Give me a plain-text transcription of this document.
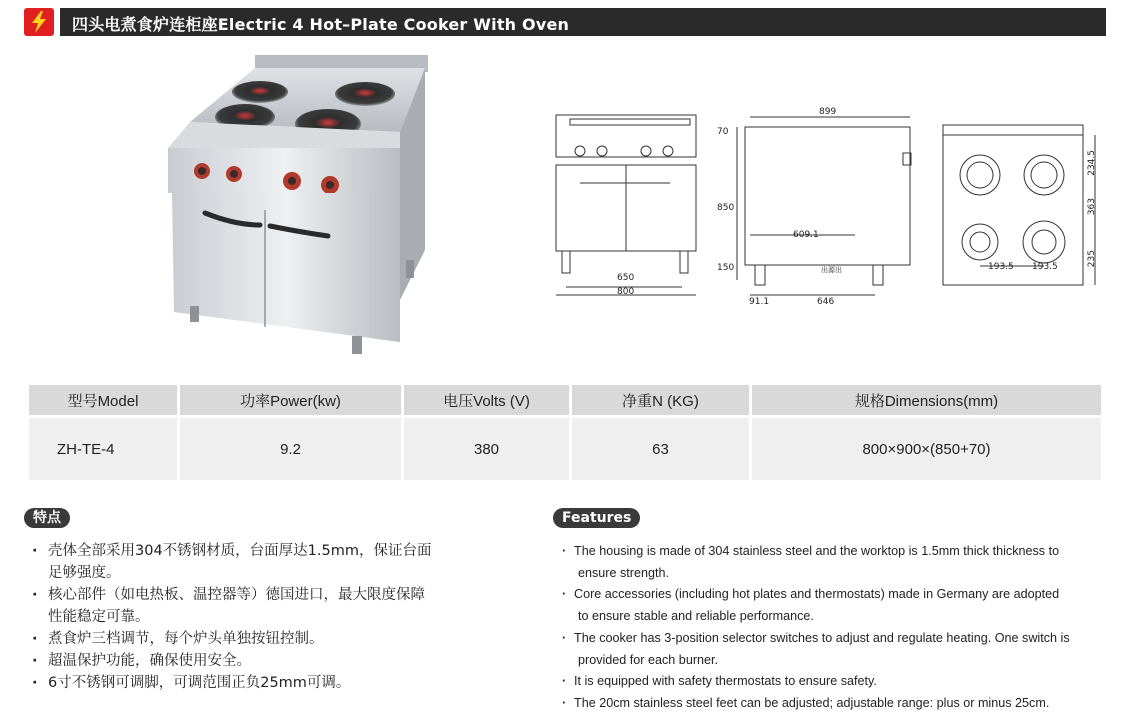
四头电煮食炉连柜座Electric 4 Hot–Plate Cooker With Oven
650
800
899
70
850
150
609.1
出源出
91.1	646
234.5
363
235
193.5 193.5
型号Model	功率Power(kw)	电压Volts (V)	净重N (KG)	规格Dimensions(mm)
ZH-TE-4	9.2	380	63	800×900×(850+70)
特点
· 壳体全部采用304不锈钢材质，台面厚达1.5mm，保证台面
足够强度。
· 核心部件（如电热板、温控器等）德国进口，最大限度保障
性能稳定可靠。
· 煮食炉三档调节，每个炉头单独按钮控制。
· 超温保护功能，确保使用安全。
· 6寸不锈钢可调脚，可调范围正负25mm可调。
Features
· The housing is made of 304 stainless steel and the worktop is 1.5mm thick thickness to
ensure strength.
· Core accessories (including hot plates and thermostats) made in Germany are adopted
to ensure stable and reliable performance.
· The cooker has 3-position selector switches to adjust and regulate heating. One switch is
provided for each burner.
· It is equipped with safety thermostats to ensure safety.
· The 20cm stainless steel feet can be adjusted; adjustable range: plus or minus 25cm.
